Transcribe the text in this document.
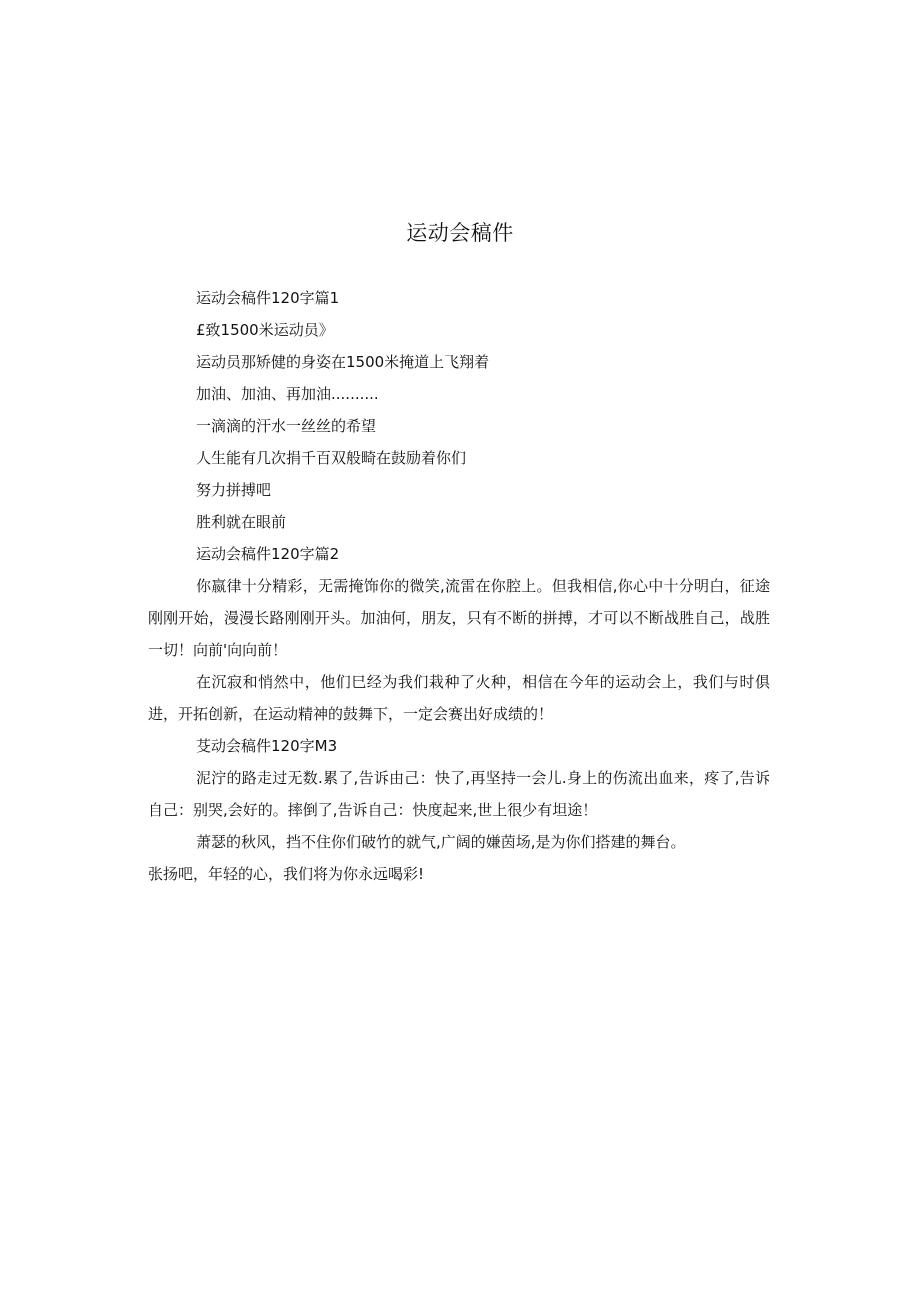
运动会稿件

运动会稿件120字篇1

£致1500米运动员》

运动员那矫健的身姿在1500米掩道上飞翔着

加油、加油、再加油..........

一滴滴的汗水一丝丝的希望

人生能有几次捐千百双般畸在鼓励着你们

努力拼搏吧

胜利就在眼前

运动会稿件120字篇2

你嬴律十分精彩，无需掩饰你的微笑,流雷在你腔上。但我相信,你心中十分明白，征途刚刚开始，漫漫长路刚刚开头。加油何，朋友，只有不断的拼搏，才可以不断战胜自己，战胜一切！向前'向向前！

在沉寂和悄然中，他们巳经为我们栽种了火种，相信在今年的运动会上，我们与时俱进，开拓创新，在运动精神的鼓舞下，一定会赛出好成绩的！

芟动会稿件120字M3

泥泞的路走过无数.累了,告诉由己：快了,再坚持一会儿.身上的伤流出血来，疼了,告诉自己：别哭,会好的。摔倒了,告诉自己：快度起来,世上很少有坦途！

萧瑟的秋风，挡不住你们破竹的就气,广阔的嫌茵场,是为你们搭建的舞台。

张扬吧，年轻的心，我们将为你永远喝彩!
